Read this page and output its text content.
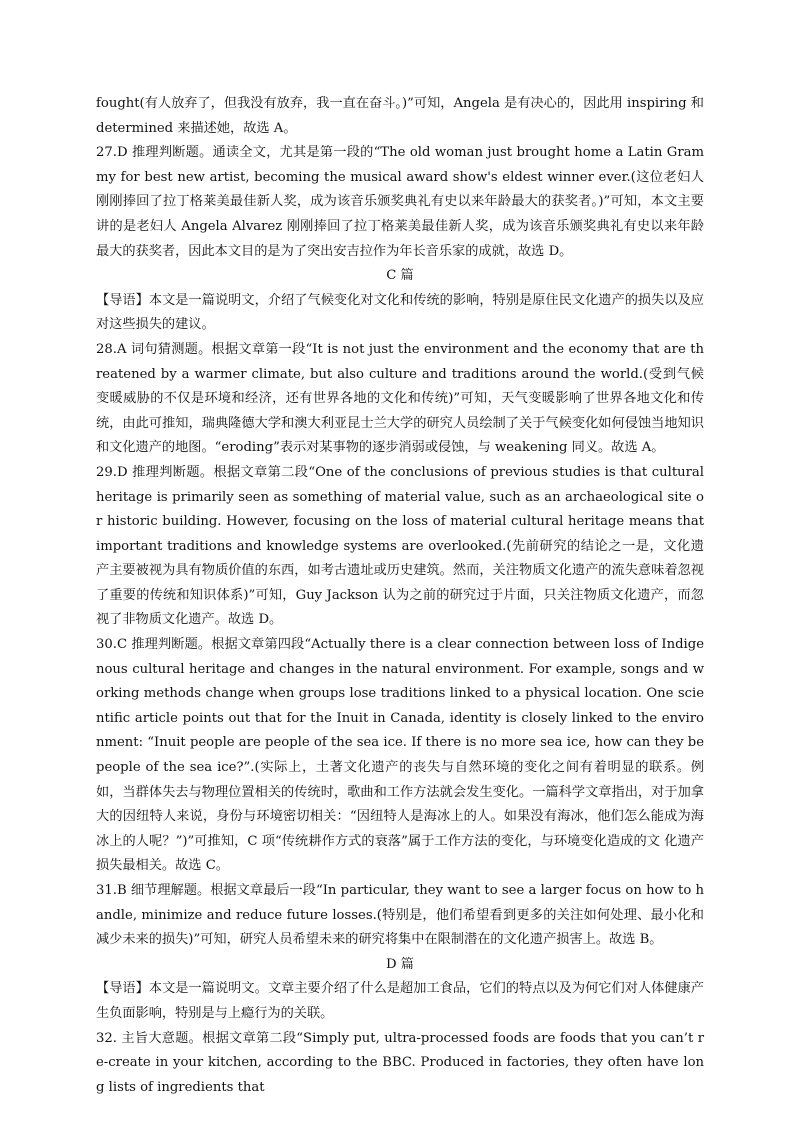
fought(有人放弃了，但我没有放弃，我一直在奋斗。)”可知，Angela 是有决心的，因此用 inspiring 和 determined 来描述她，故选 A。

27.D 推理判断题。通读全文，尤其是第一段的“The old woman just brought home a Latin Grammy for best new artist, becoming the musical award show's eldest winner ever.(这位老妇人刚刚捧回了拉丁格莱美最佳新人奖，成为该音乐颁奖典礼有史以来年龄最大的获奖者。)”可知，本文主要讲的是老妇人 Angela Alvarez 刚刚捧回了拉丁格莱美最佳新人奖，成为该音乐颁奖典礼有史以来年龄最大的获奖者，因此本文目的是为了突出安吉拉作为年长音乐家的成就，故选 D。

C 篇

【导语】本文是一篇说明文，介绍了气候变化对文化和传统的影响，特别是原住民文化遗产的损失以及应对这些损失的建议。

28.A 词句猜测题。根据文章第一段“It is not just the environment and the economy that are threatened by a warmer climate, but also culture and traditions around the world.(受到气候变暖威胁的不仅是环境和经济，还有世界各地的文化和传统)”可知，天气变暖影响了世界各地文化和传统，由此可推知，瑞典隆德大学和澳大利亚昆士兰大学的研究人员绘制了关于气候变化如何侵蚀当地知识和文化遗产的地图。“eroding”表示对某事物的逐步消弱或侵蚀，与 weakening 同义。故选 A。

29.D 推理判断题。根据文章第二段“One of the conclusions of previous studies is that cultural heritage is primarily seen as something of material value, such as an archaeological site or historic building. However, focusing on the loss of material cultural heritage means that important traditions and knowledge systems are overlooked.(先前研究的结论之一是，文化遗产主要被视为具有物质价值的东西，如考古遗址或历史建筑。然而，关注物质文化遗产的流失意味着忽视了重要的传统和知识体系)”可知，Guy Jackson 认为之前的研究过于片面，只关注物质文化遗产，而忽视了非物质文化遗产。故选 D。

30.C 推理判断题。根据文章第四段“Actually there is a clear connection between loss of Indigenous cultural heritage and changes in the natural environment. For example, songs and working methods change when groups lose traditions linked to a physical location. One scientific article points out that for the Inuit in Canada, identity is closely linked to the environment: “Inuit people are people of the sea ice. If there is no more sea ice, how can they be people of the sea ice?”.(实际上，土著文化遗产的丧失与自然环境的变化之间有着明显的联系。例如，当群体失去与物理位置相关的传统时，歌曲和工作方法就会发生变化。一篇科学文章指出，对于加拿大的因纽特人来说，身份与环境密切相关：“因纽特人是海冰上的人。如果没有海冰，他们怎么能成为海冰上的人呢？”)”可推知，C 项“传统耕作方式的衰落”属于工作方法的变化，与环境变化造成的文 化遗产损失最相关。故选 C。

31.B 细节理解题。根据文章最后一段“In particular, they want to see a larger focus on how to handle, minimize and reduce future losses.(特别是，他们希望看到更多的关注如何处理、最小化和减少未来的损失)”可知，研究人员希望未来的研究将集中在限制潜在的文化遗产损害上。故选 B。

D 篇

【导语】本文是一篇说明文。文章主要介绍了什么是超加工食品，它们的特点以及为何它们对人体健康产生负面影响，特别是与上瘾行为的关联。

32. 主旨大意题。根据文章第二段“Simply put, ultra-processed foods are foods that you can’t re-create in your kitchen, according to the BBC. Produced in factories, they often have long lists of ingredients that
